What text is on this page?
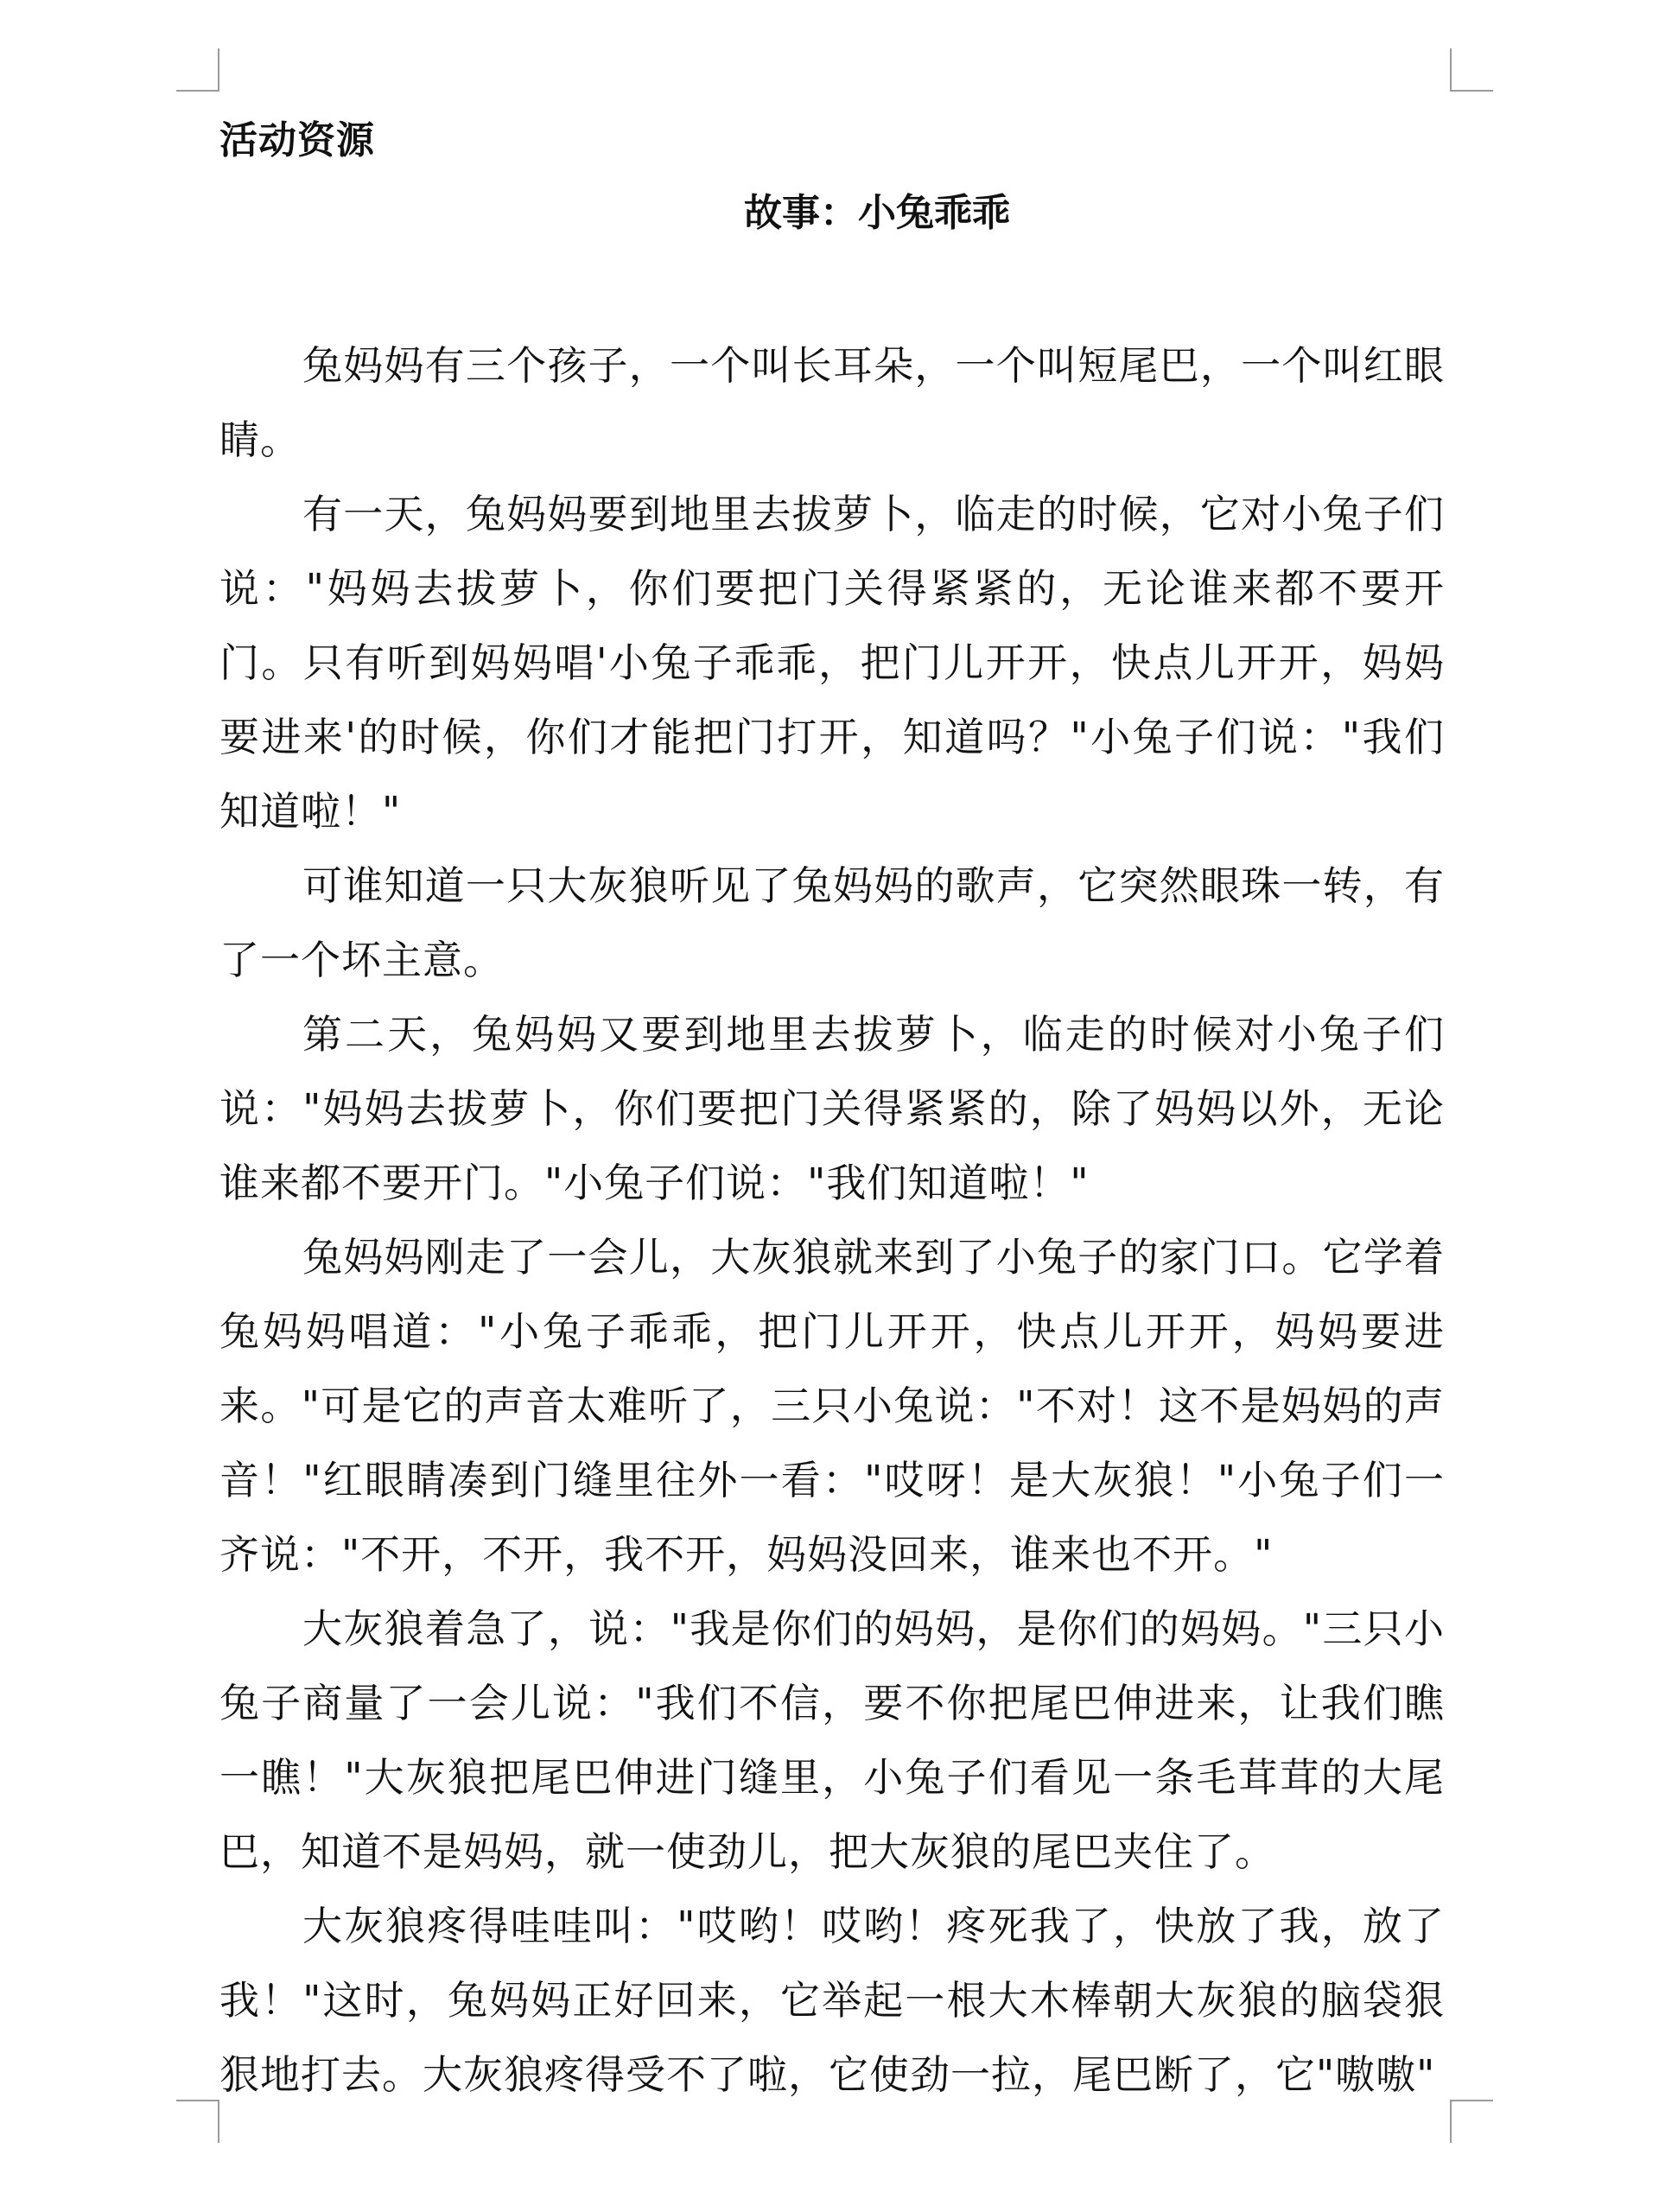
活动资源
故事：小兔乖乖

兔妈妈有三个孩子，一个叫长耳朵，一个叫短尾巴，一个叫红眼睛。

有一天，兔妈妈要到地里去拔萝卜，临走的时候，它对小兔子们说："妈妈去拔萝卜，你们要把门关得紧紧的，无论谁来都不要开门。只有听到妈妈唱'小兔子乖乖，把门儿开开，快点儿开开，妈妈要进来'的时候，你们才能把门打开，知道吗？"小兔子们说："我们知道啦！"

可谁知道一只大灰狼听见了兔妈妈的歌声，它突然眼珠一转，有了一个坏主意。

第二天，兔妈妈又要到地里去拔萝卜，临走的时候对小兔子们说："妈妈去拔萝卜，你们要把门关得紧紧的，除了妈妈以外，无论谁来都不要开门。"小兔子们说："我们知道啦！"

兔妈妈刚走了一会儿，大灰狼就来到了小兔子的家门口。它学着兔妈妈唱道："小兔子乖乖，把门儿开开，快点儿开开，妈妈要进来。"可是它的声音太难听了，三只小兔说："不对！这不是妈妈的声音！"红眼睛凑到门缝里往外一看："哎呀！是大灰狼！"小兔子们一齐说："不开，不开，我不开，妈妈没回来，谁来也不开。"

大灰狼着急了，说："我是你们的妈妈，是你们的妈妈。"三只小兔子商量了一会儿说："我们不信，要不你把尾巴伸进来，让我们瞧一瞧！"大灰狼把尾巴伸进门缝里，小兔子们看见一条毛茸茸的大尾巴，知道不是妈妈，就一使劲儿，把大灰狼的尾巴夹住了。

大灰狼疼得哇哇叫："哎哟！哎哟！疼死我了，快放了我，放了我！"这时，兔妈妈正好回来，它举起一根大木棒朝大灰狼的脑袋狠狠地打去。大灰狼疼得受不了啦，它使劲一拉，尾巴断了，它"嗷嗷"
